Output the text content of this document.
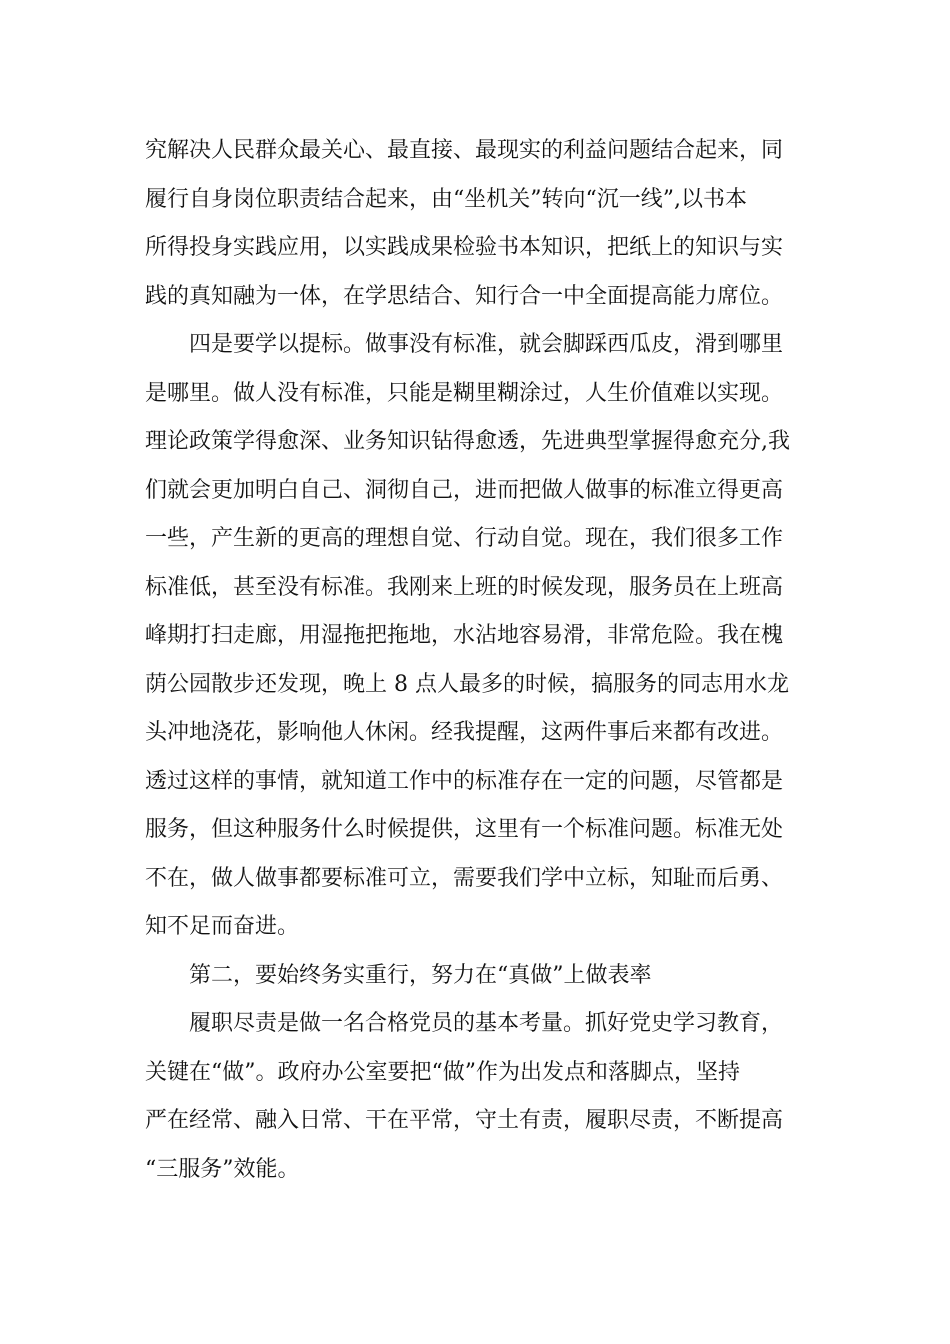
究解决人民群众最关心、最直接、最现实的利益问题结合起来，同
履行自身岗位职责结合起来，由“坐机关”转向“沉一线”,以书本
所得投身实践应用，以实践成果检验书本知识，把纸上的知识与实
践的真知融为一体，在学思结合、知行合一中全面提高能力席位。
四是要学以提标。做事没有标准，就会脚踩西瓜皮，滑到哪里
是哪里。做人没有标准，只能是糊里糊涂过，人生价值难以实现。
理论政策学得愈深、业务知识钻得愈透，先进典型掌握得愈充分,我
们就会更加明白自己、洞彻自己，进而把做人做事的标准立得更高
一些，产生新的更高的理想自觉、行动自觉。现在，我们很多工作
标准低，甚至没有标准。我刚来上班的时候发现，服务员在上班高
峰期打扫走廊，用湿拖把拖地，水沾地容易滑，非常危险。我在槐
荫公园散步还发现，晚上 8 点人最多的时候，搞服务的同志用水龙
头冲地浇花，影响他人休闲。经我提醒，这两件事后来都有改进。
透过这样的事情，就知道工作中的标准存在一定的问题，尽管都是
服务，但这种服务什么时候提供，这里有一个标准问题。标准无处
不在，做人做事都要标准可立，需要我们学中立标，知耻而后勇、
知不足而奋进。
第二，要始终务实重行，努力在“真做”上做表率
履职尽责是做一名合格党员的基本考量。抓好党史学习教育，
关键在“做”。政府办公室要把“做”作为出发点和落脚点，坚持
严在经常、融入日常、干在平常，守土有责，履职尽责，不断提高
“三服务”效能。
